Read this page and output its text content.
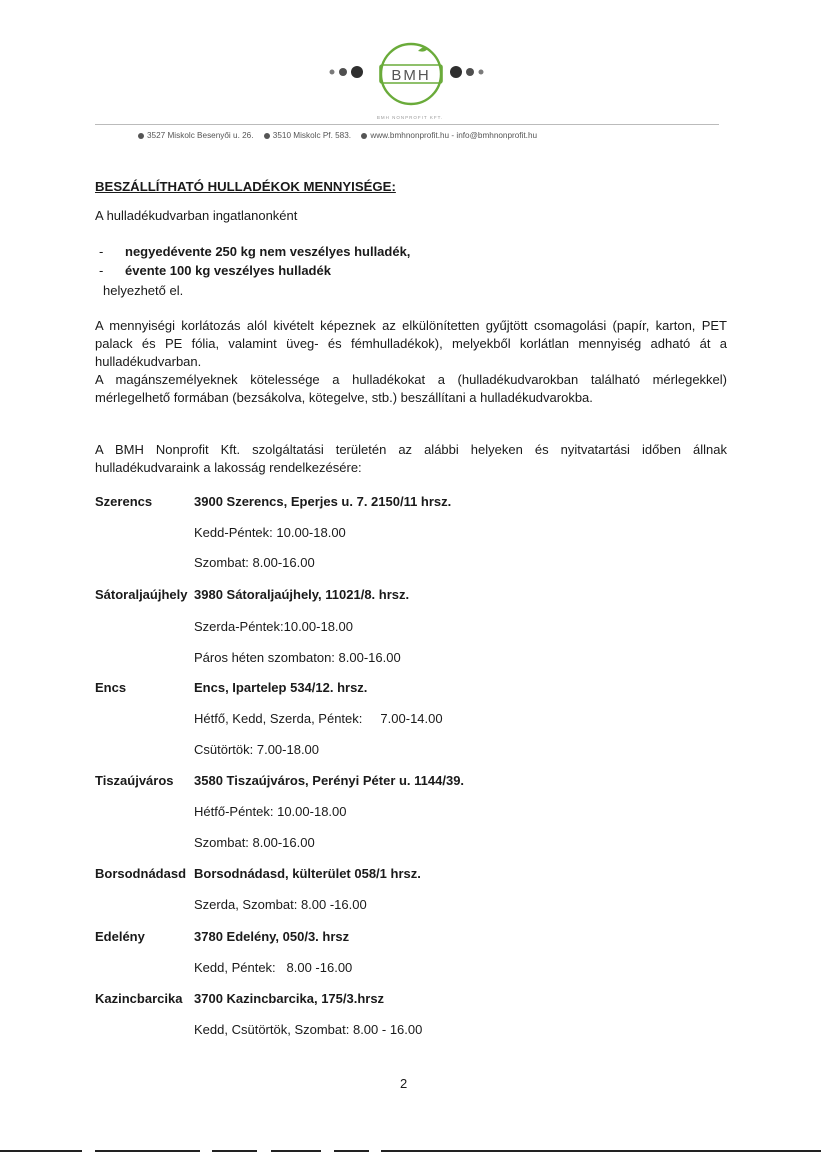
BMH
BMH NONPROFIT KFT.
3527 Miskolc Besenyői u. 26. 3510 Miskolc Pf. 583. www.bmhnonprofit.hu - info@bmhnonprofit.hu
BESZÁLLÍTHATÓ HULLADÉKOK MENNYISÉGE:
A hulladékudvarban ingatlanonként
- negyedévente 250 kg nem veszélyes hulladék,
- évente 100 kg veszélyes hulladék
helyezhető el.
A mennyiségi korlátozás alól kivételt képeznek az elkülönítetten gyűjtött csomagolási (papír, karton, PET palack és PE fólia, valamint üveg- és fémhulladékok), melyekből korlátlan mennyiség adható át a hulladékudvarban.
A magánszemélyeknek kötelessége a hulladékokat a (hulladékudvarokban található mérlegekkel) mérlegelhető formában (bezsákolva, kötegelve, stb.) beszállítani a hulladékudvarokba.
A BMH Nonprofit Kft. szolgáltatási területén az alábbi helyeken és nyitvatartási időben állnak hulladékudvaraink a lakosság rendelkezésére:
Szerencs	3900 Szerencs, Eperjes u. 7. 2150/11 hrsz.
Kedd-Péntek: 10.00-18.00
Szombat: 8.00-16.00
Sátoraljaújhely 3980 Sátoraljaújhely, 11021/8. hrsz.
Szerda-Péntek:10.00-18.00
Páros héten szombaton: 8.00-16.00
Encs	Encs, Ipartelep 534/12. hrsz.
Hétfő, Kedd, Szerda, Péntek:     7.00-14.00
Csütörtök: 7.00-18.00
Tiszaújváros 3580 Tiszaújváros, Perényi Péter u. 1144/39.
Hétfő-Péntek: 10.00-18.00
Szombat: 8.00-16.00
Borsodnádasd Borsodnádasd, külterület 058/1 hrsz.
Szerda, Szombat: 8.00 -16.00
Edelény	3780 Edelény, 050/3. hrsz
Kedd, Péntek:   8.00 -16.00
Kazincbarcika 3700 Kazincbarcika, 175/3.hrsz
Kedd, Csütörtök, Szombat: 8.00 - 16.00
2
